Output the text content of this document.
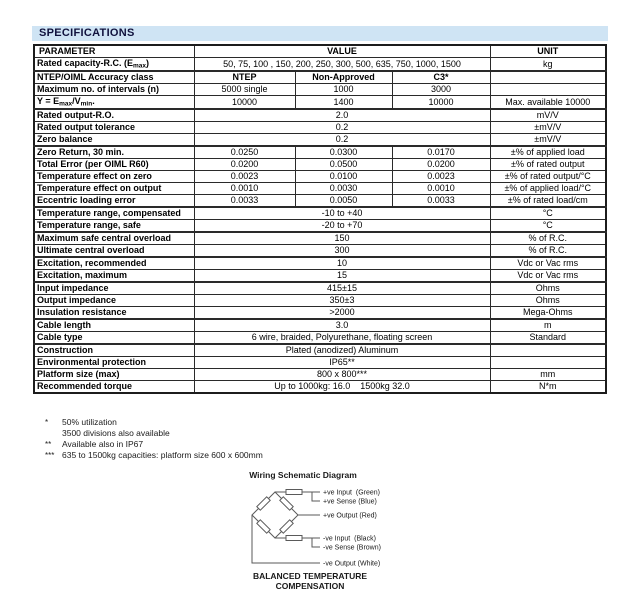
SPECIFICATIONS
PARAMETER	VALUE			UNIT
Rated capacity-R.C. $(E_{max})$	50, 75, 100 , 150, 200, 250, 300, 500, 635, 750, 1000, 1500			kg
NTEP/OIML Accuracy class	NTEP	Non-Approved	C3*	
Maximum no. of intervals (n)	5000 single	1000	3000	
$Y = E_{max}/V_{min}$.	10000	1400	10000	Max. available 10000
Rated output-R.O.	2.0			mV/V
Rated output tolerance	0.2			±mV/V
Zero balance	0.2			±mV/V
Zero Return, 30 min.	0.0250	0.0300	0.0170	±% of applied load
Total Error (per OIML R60)	0.0200	0.0500	0.0200	±% of rated output
Temperature effect on zero	0.0023	0.0100	0.0023	±% of rated output/°C
Temperature effect on output	0.0010	0.0030	0.0010	±% of applied load/°C
Eccentric loading error	0.0033	0.0050	0.0033	±% of rated load/cm
Temperature range, compensated	-10 to +40			°C
Temperature range, safe	-20 to +70			°C
Maximum safe central overload	150			% of R.C.
Ultimate central overload	300			% of R.C.
Excitation, recommended	10			Vdc or Vac rms
Excitation, maximum	15			Vdc or Vac rms
Input impedance	415±15			Ohms
Output impedance	350±3			Ohms
Insulation resistance	>2000			Mega-Ohms
Cable length	3.0			m
Cable type	6 wire, braided, Polyurethane, floating screen			Standard
Construction	Plated (anodized) Aluminum			
Environmental protection	IP65**			
Platform size (max)	800 x 800***			mm
Recommended torque	Up to 1000kg: 16.0    1500kg 32.0			N*m
*	50% utilization
3500 divisions also available
**	Available also in IP67
*** 635 to 1500kg capacities: platform size 600 x 600mm
Wiring Schematic Diagram
+ve Input  (Green)
+ve Sense (Blue)
+ve Output (Red)
-ve Input  (Black)
-ve Sense (Brown)
-ve Output (White)
BALANCED TEMPERATURE
COMPENSATION
